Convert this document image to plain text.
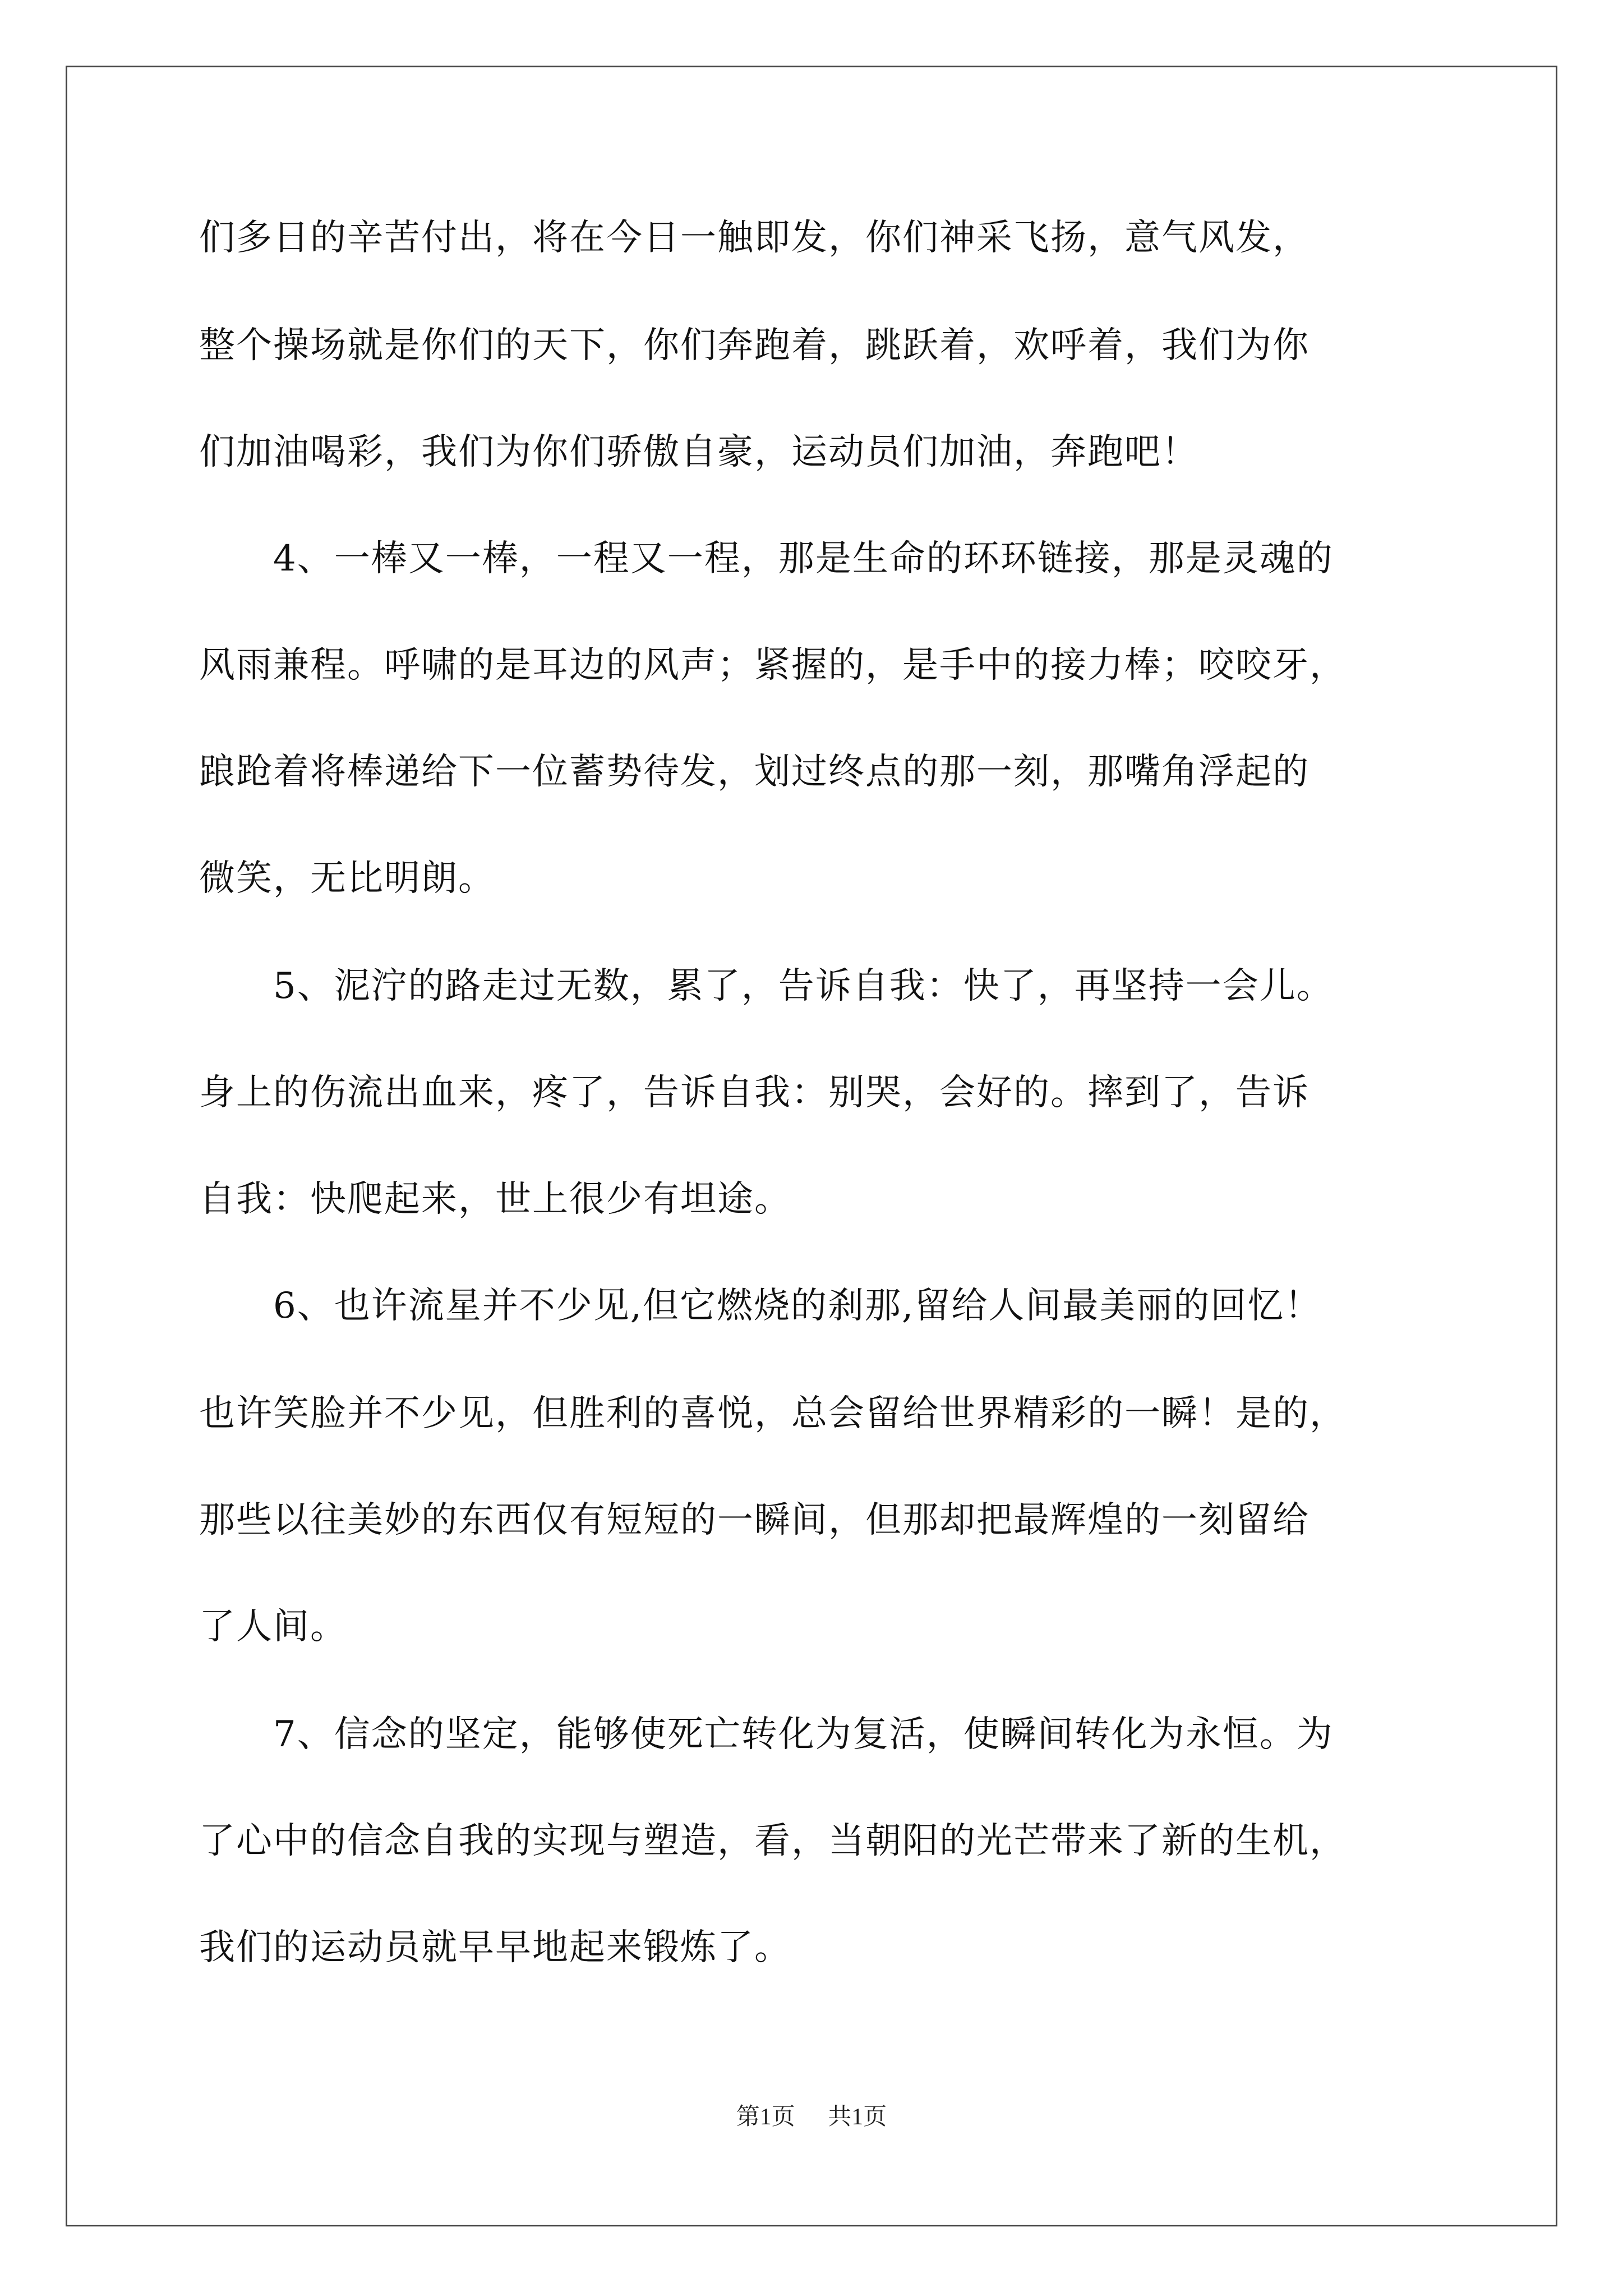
们多日的辛苦付出，将在今日一触即发，你们神采飞扬，意气风发，
整个操场就是你们的天下，你们奔跑着，跳跃着，欢呼着，我们为你
们加油喝彩，我们为你们骄傲自豪，运动员们加油，奔跑吧！
　　4、一棒又一棒，一程又一程，那是生命的环环链接，那是灵魂的
风雨兼程。呼啸的是耳边的风声；紧握的，是手中的接力棒；咬咬牙，
踉跄着将棒递给下一位蓄势待发，划过终点的那一刻，那嘴角浮起的
微笑，无比明朗。
　　5、泥泞的路走过无数，累了，告诉自我：快了，再坚持一会儿。
身上的伤流出血来，疼了，告诉自我：别哭，会好的。摔到了，告诉
自我：快爬起来，世上很少有坦途。
　　6、也许流星并不少见,但它燃烧的刹那,留给人间最美丽的回忆！
也许笑脸并不少见，但胜利的喜悦，总会留给世界精彩的一瞬！是的，
那些以往美妙的东西仅有短短的一瞬间，但那却把最辉煌的一刻留给
了人间。
　　7、信念的坚定，能够使死亡转化为复活，使瞬间转化为永恒。为
了心中的信念自我的实现与塑造，看，当朝阳的光芒带来了新的生机，
我们的运动员就早早地起来锻炼了。
第1页 共1页
